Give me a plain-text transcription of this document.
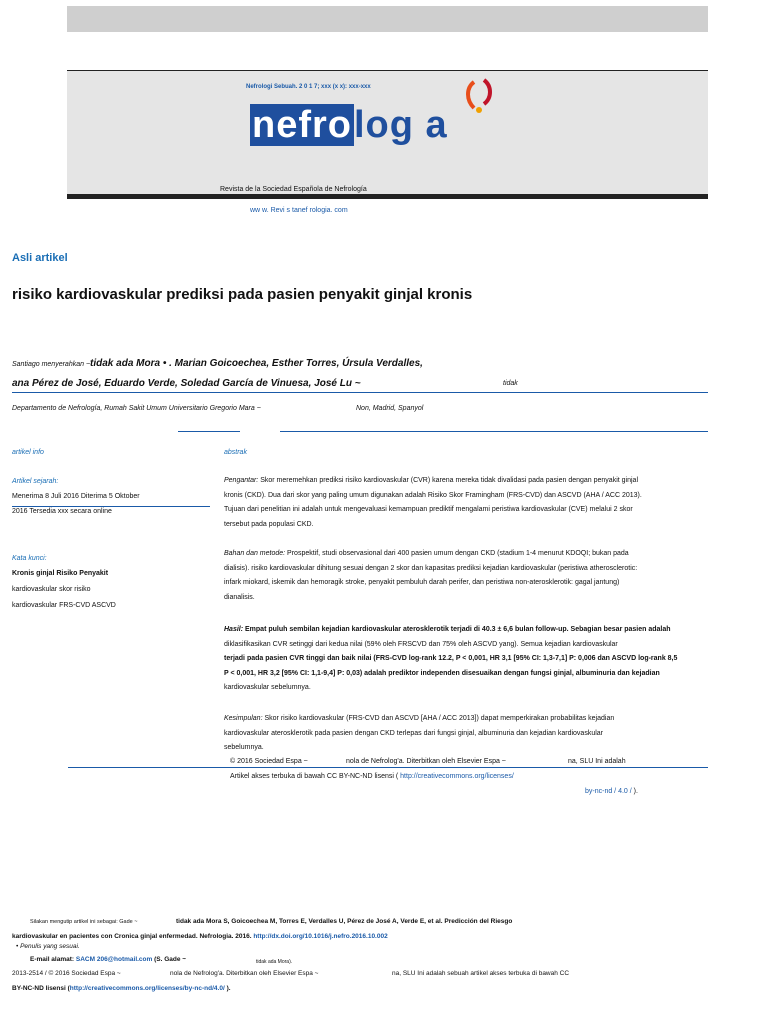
Nefrologi Sebuah. 2 0 1 7; xxx (x x): xxx-xxx
nefrolog a
Revista de la Sociedad Española de Nefrología
ww w. Revi s tanef rologia. com
Asli artikel
risiko kardiovaskular prediksi pada pasien penyakit ginjal kronis
Santiago menyerahkan ~tidak ada Mora • . Marian Goicoechea, Esther Torres, Úrsula Verdalles,
ana Pérez de José, Eduardo Verde, Soledad García de Vinuesa, José Lu ~	tidak
Departamento de Nefrología, Rumah Sakit Umum Universitario Gregorio Mara ~	Non, Madrid, Spanyol
artikel info
Artikel sejarah:
Menerima 8 Juli 2016 Diterima 5 Oktober
2016 Tersedia xxx secara online
Kata kunci:
Kronis ginjal Risiko Penyakit
kardiovaskular skor risiko
kardiovaskular FRS-CVD ASCVD
abstrak
Pengantar: Skor meremehkan prediksi risiko kardiovaskular (CVR) karena mereka tidak divalidasi pada pasien dengan penyakit ginjal
kronis (CKD). Dua dari skor yang paling umum digunakan adalah Risiko Skor Framingham (FRS-CVD) dan ASCVD (AHA / ACC 2013).
Tujuan dari penelitian ini adalah untuk mengevaluasi kemampuan prediktif mengalami peristiwa kardiovaskular (CVE) melalui 2 skor
tersebut pada populasi CKD.
Bahan dan metode: Prospektif, studi observasional dari 400 pasien umum dengan CKD (stadium 1-4 menurut KDOQI; bukan pada
dialisis). risiko kardiovaskular dihitung sesuai dengan 2 skor dan kapasitas prediksi kejadian kardiovaskular (peristiwa atherosclerotic:
infark miokard, iskemik dan hemoragik stroke, penyakit pembuluh darah perifer, dan peristiwa non-aterosklerotik: gagal jantung)
dianalisis.
Hasil: Empat puluh sembilan kejadian kardiovaskular aterosklerotik terjadi di 40.3 ± 6,6 bulan follow-up. Sebagian besar pasien adalah
diklasifikasikan CVR setinggi dari kedua nilai (59% oleh FRSCVD dan 75% oleh ASCVD yang). Semua kejadian kardiovaskular
terjadi pada pasien CVR tinggi dan baik nilai (FRS-CVD log-rank 12.2, P < 0,001, HR 3,1 [95% CI: 1,3-7,1] P: 0,006 dan ASCVD log-rank 8,5
P < 0,001, HR 3,2 [95% CI: 1,1-9,4] P: 0,03) adalah prediktor independen disesuaikan dengan fungsi ginjal, albuminuria dan kejadian
kardiovaskular sebelumnya.
Kesimpulan: Skor risiko kardiovaskular (FRS-CVD dan ASCVD [AHA / ACC 2013]) dapat memperkirakan probabilitas kejadian
kardiovaskular aterosklerotik pada pasien dengan CKD terlepas dari fungsi ginjal, albuminuria dan kejadian kardiovaskular
sebelumnya.
© 2016 Sociedad Espa ~	nola de Nefrolog'a. Diterbitkan oleh Elsevier Espa ~	na, SLU Ini adalah
Artikel akses terbuka di bawah CC BY-NC-ND lisensi ( http://creativecommons.org/licenses/
by-nc-nd / 4.0 / ).
Silakan mengutip artikel ini sebagai: Gade ~	tidak ada Mora S, Goicoechea M, Torres E, Verdalles U, Pérez de José A, Verde E, et al. Predicción del Riesgo
kardiovaskular en pacientes con Cronica ginjal enfermedad. Nefrologia. 2016. http://dx.doi.org/10.1016/j.nefro.2016.10.002
• Penulis yang sesuai.
E-mail alamat: SACM 206@hotmail.com (S. Gade ~	tidak ada Mora).
2013-2514 / © 2016 Sociedad Espa ~	nola de Nefrolog'a. Diterbitkan oleh Elsevier Espa ~	na, SLU Ini adalah sebuah artikel akses terbuka di bawah CC
BY-NC-ND lisensi (http://creativecommons.org/licenses/by-nc-nd/4.0/ ).
